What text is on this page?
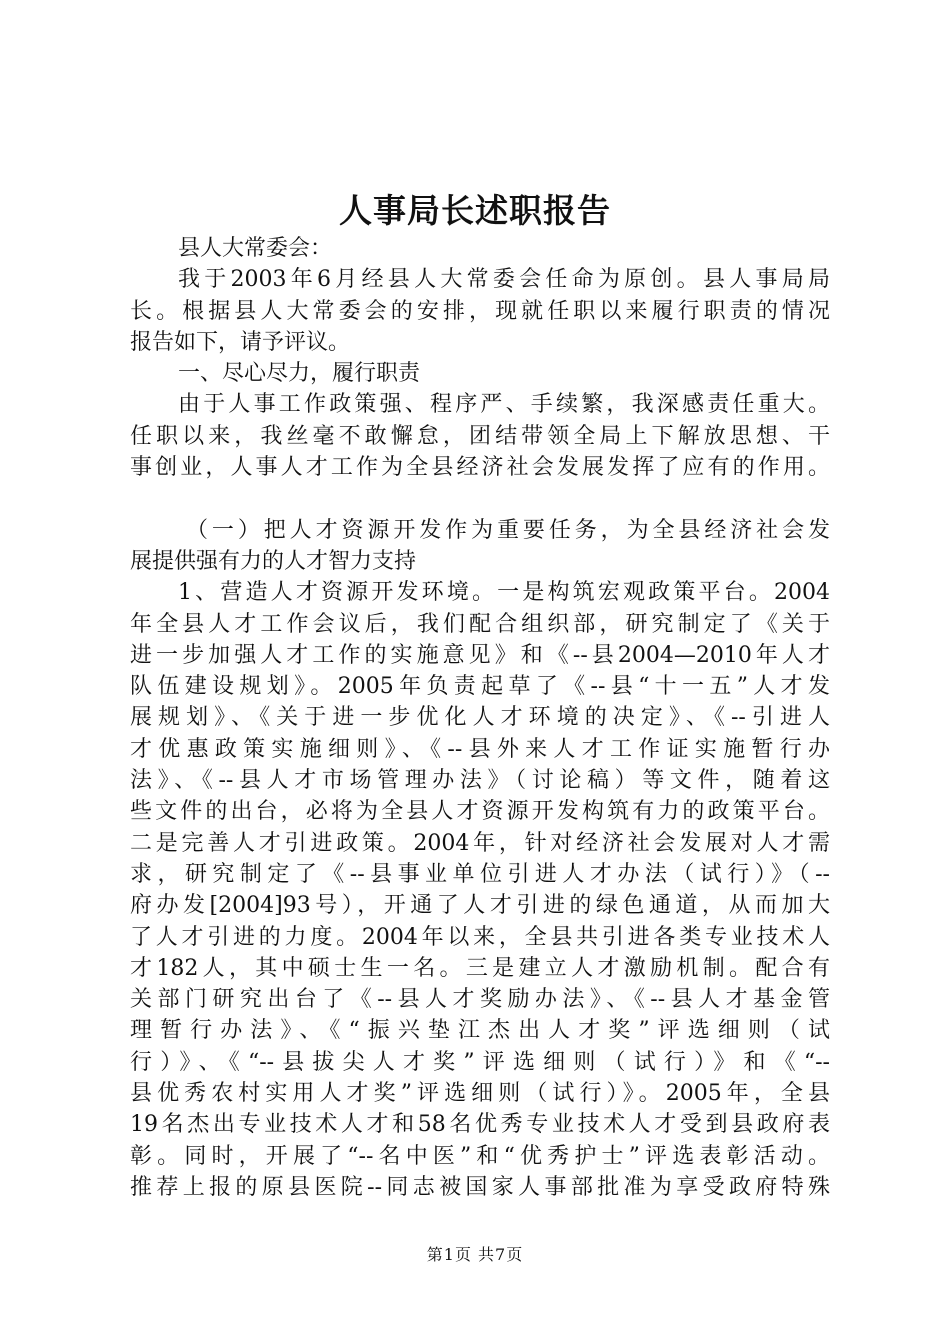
人事局长述职报告
县人大常委会：
我于2003年6月经县人大常委会任命为原创。县人事局局
长。根据县人大常委会的安排，现就任职以来履行职责的情况
报告如下，请予评议。
一、尽心尽力，履行职责
由于人事工作政策强、程序严、手续繁，我深感责任重大。
任职以来，我丝毫不敢懈怠，团结带领全局上下解放思想、干
事创业，人事人才工作为全县经济社会发展发挥了应有的作用。
（一）把人才资源开发作为重要任务，为全县经济社会发
展提供强有力的人才智力支持
1、营造人才资源开发环境。一是构筑宏观政策平台。2004
年全县人才工作会议后，我们配合组织部，研究制定了《关于
进一步加强人才工作的实施意见》和《--县2004—2010年人才
队伍建设规划》。2005年负责起草了《--县“十一五”人才发
展规划》、《关于进一步优化人才环境的决定》、《--引进人
才优惠政策实施细则》、《--县外来人才工作证实施暂行办
法》、《--县人才市场管理办法》（讨论稿）等文件，随着这
些文件的出台，必将为全县人才资源开发构筑有力的政策平台。
二是完善人才引进政策。2004年，针对经济社会发展对人才需
求，研究制定了《--县事业单位引进人才办法（试行）》（--
府办发[2004]93号），开通了人才引进的绿色通道，从而加大
了人才引进的力度。2004年以来，全县共引进各类专业技术人
才182人，其中硕士生一名。三是建立人才激励机制。配合有
关部门研究出台了《--县人才奖励办法》、《--县人才基金管
理暂行办法》、《“振兴垫江杰出人才奖”评选细则（试
行）》、《“--县拔尖人才奖”评选细则（试行）》和《“--
县优秀农村实用人才奖”评选细则（试行）》。2005年，全县
19名杰出专业技术人才和58名优秀专业技术人才受到县政府表
彰。同时，开展了“--名中医”和“优秀护士”评选表彰活动。
推荐上报的原县医院--同志被国家人事部批准为享受政府特殊
第1页 共7页
